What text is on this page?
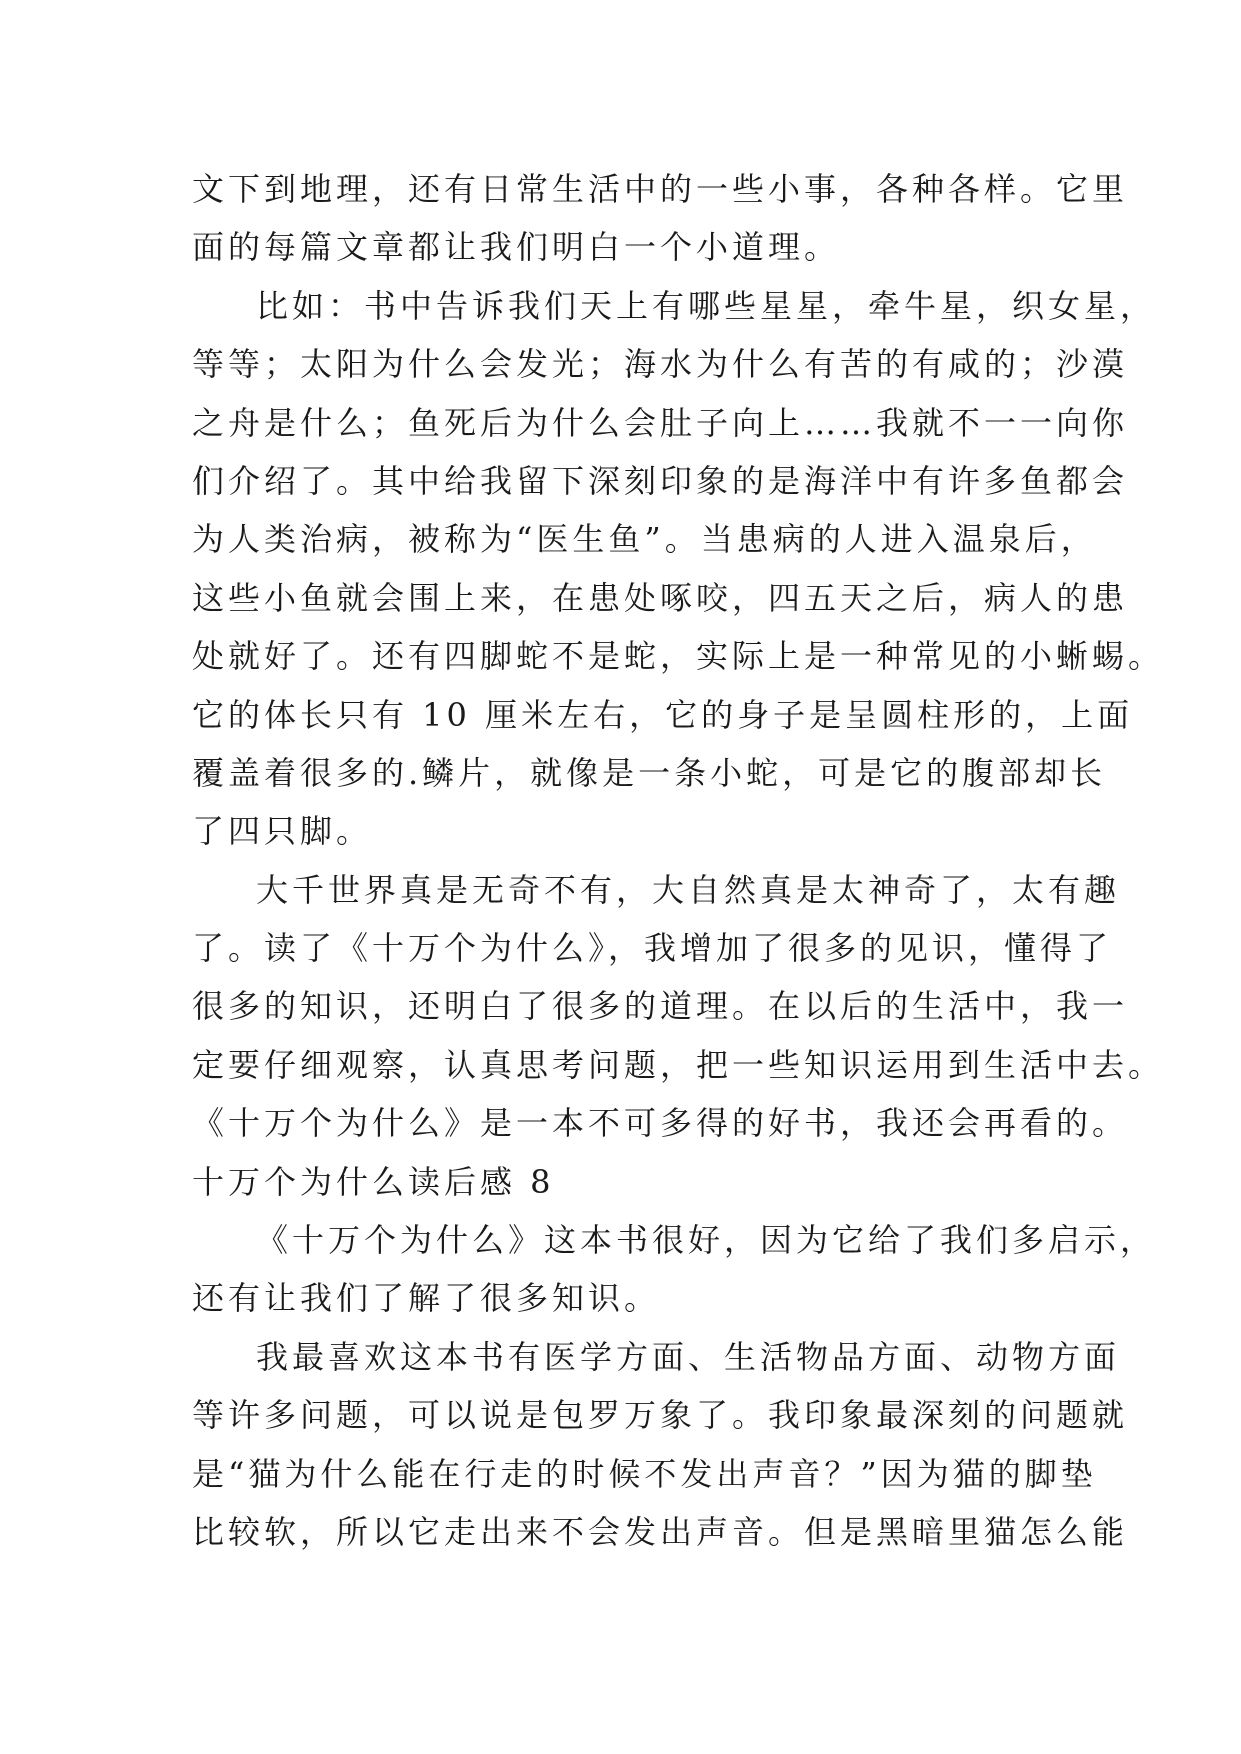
文下到地理，还有日常生活中的一些小事，各种各样。它里
面的每篇文章都让我们明白一个小道理。
比如：书中告诉我们天上有哪些星星，牵牛星，织女星，
等等；太阳为什么会发光；海水为什么有苦的有咸的；沙漠
之舟是什么；鱼死后为什么会肚子向上……我就不一一向你
们介绍了。其中给我留下深刻印象的是海洋中有许多鱼都会
为人类治病，被称为“医生鱼”。当患病的人进入温泉后，
这些小鱼就会围上来，在患处啄咬，四五天之后，病人的患
处就好了。还有四脚蛇不是蛇，实际上是一种常见的小蜥蜴。
它的体长只有 10 厘米左右，它的身子是呈圆柱形的，上面
覆盖着很多的.鳞片，就像是一条小蛇，可是它的腹部却长
了四只脚。
大千世界真是无奇不有，大自然真是太神奇了，太有趣
了。读了《十万个为什么》，我增加了很多的见识，懂得了
很多的知识，还明白了很多的道理。在以后的生活中，我一
定要仔细观察，认真思考问题，把一些知识运用到生活中去。
《十万个为什么》是一本不可多得的好书，我还会再看的。
十万个为什么读后感 8
《十万个为什么》这本书很好，因为它给了我们多启示，
还有让我们了解了很多知识。
我最喜欢这本书有医学方面、生活物品方面、动物方面
等许多问题，可以说是包罗万象了。我印象最深刻的问题就
是“猫为什么能在行走的时候不发出声音？”因为猫的脚垫
比较软，所以它走出来不会发出声音。但是黑暗里猫怎么能
